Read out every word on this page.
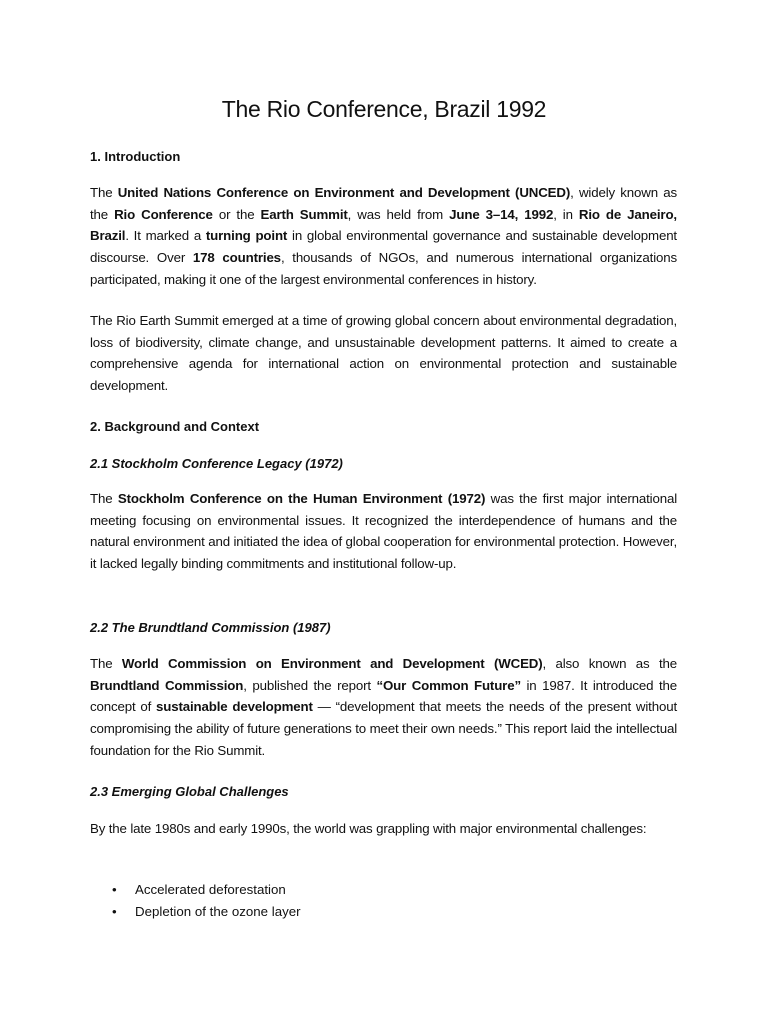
The Rio Conference, Brazil 1992
1. Introduction
The United Nations Conference on Environment and Development (UNCED), widely known as the Rio Conference or the Earth Summit, was held from June 3–14, 1992, in Rio de Janeiro, Brazil. It marked a turning point in global environmental governance and sustainable development discourse. Over 178 countries, thousands of NGOs, and numerous international organizations participated, making it one of the largest environmental conferences in history.
The Rio Earth Summit emerged at a time of growing global concern about environmental degradation, loss of biodiversity, climate change, and unsustainable development patterns. It aimed to create a comprehensive agenda for international action on environmental protection and sustainable development.
2. Background and Context
2.1 Stockholm Conference Legacy (1972)
The Stockholm Conference on the Human Environment (1972) was the first major international meeting focusing on environmental issues. It recognized the interdependence of humans and the natural environment and initiated the idea of global cooperation for environmental protection. However, it lacked legally binding commitments and institutional follow-up.
2.2 The Brundtland Commission (1987)
The World Commission on Environment and Development (WCED), also known as the Brundtland Commission, published the report “Our Common Future” in 1987. It introduced the concept of sustainable development — “development that meets the needs of the present without compromising the ability of future generations to meet their own needs.” This report laid the intellectual foundation for the Rio Summit.
2.3 Emerging Global Challenges
By the late 1980s and early 1990s, the world was grappling with major environmental challenges:
• Accelerated deforestation
• Depletion of the ozone layer
